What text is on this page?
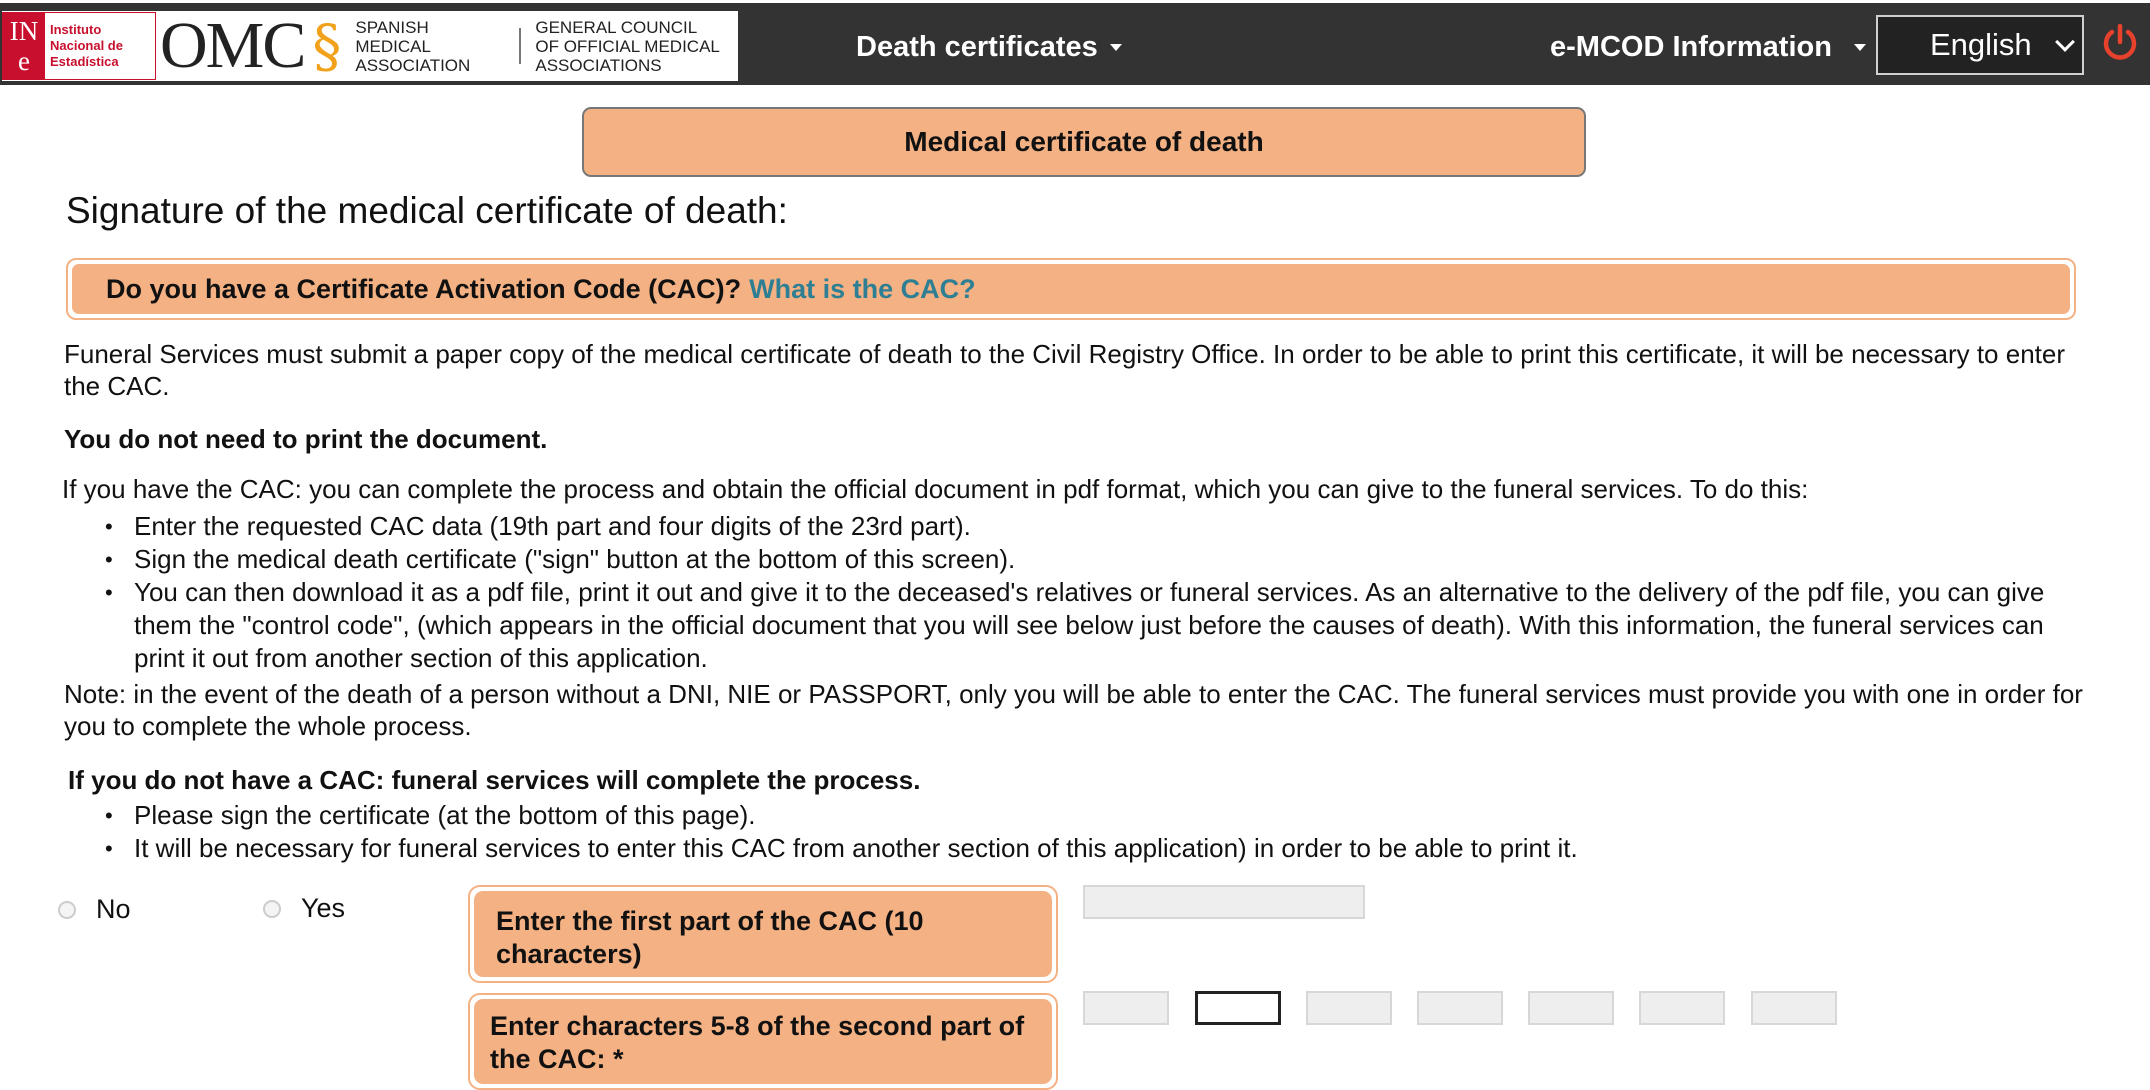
IN
e
Instituto
Nacional de
Estadística OMC § SPANISH
MEDICAL
ASSOCIATION
GENERAL COUNCIL
OF OFFICIAL MEDICAL
ASSOCIATIONS
Death certificates	e-MCOD Information	English
Medical certificate of death
Signature of the medical certificate of death:
Do you have a Certificate Activation Code (CAC)? What is the CAC?
Funeral Services must submit a paper copy of the medical certificate of death to the Civil Registry Office. In order to be able to print this certificate, it will be necessary to enter the CAC.
You do not need to print the document.
If you have the CAC: you can complete the process and obtain the official document in pdf format, which you can give to the funeral services. To do this:
• Enter the requested CAC data (19th part and four digits of the 23rd part).
• Sign the medical death certificate ("sign" button at the bottom of this screen).
• You can then download it as a pdf file, print it out and give it to the deceased's relatives or funeral services. As an alternative to the delivery of the pdf file, you can give them the "control code", (which appears in the official document that you will see below just before the causes of death). With this information, the funeral services can print it out from another section of this application.
Note: in the event of the death of a person without a DNI, NIE or PASSPORT, only you will be able to enter the CAC. The funeral services must provide you with one in order for you to complete the whole process.
If you do not have a CAC: funeral services will complete the process.
• Please sign the certificate (at the bottom of this page).
• It will be necessary for funeral services to enter this CAC from another section of this application) in order to be able to print it.
No	Yes	Enter the first part of the CAC (10 characters)
Enter characters 5-8 of the second part of the CAC: *
